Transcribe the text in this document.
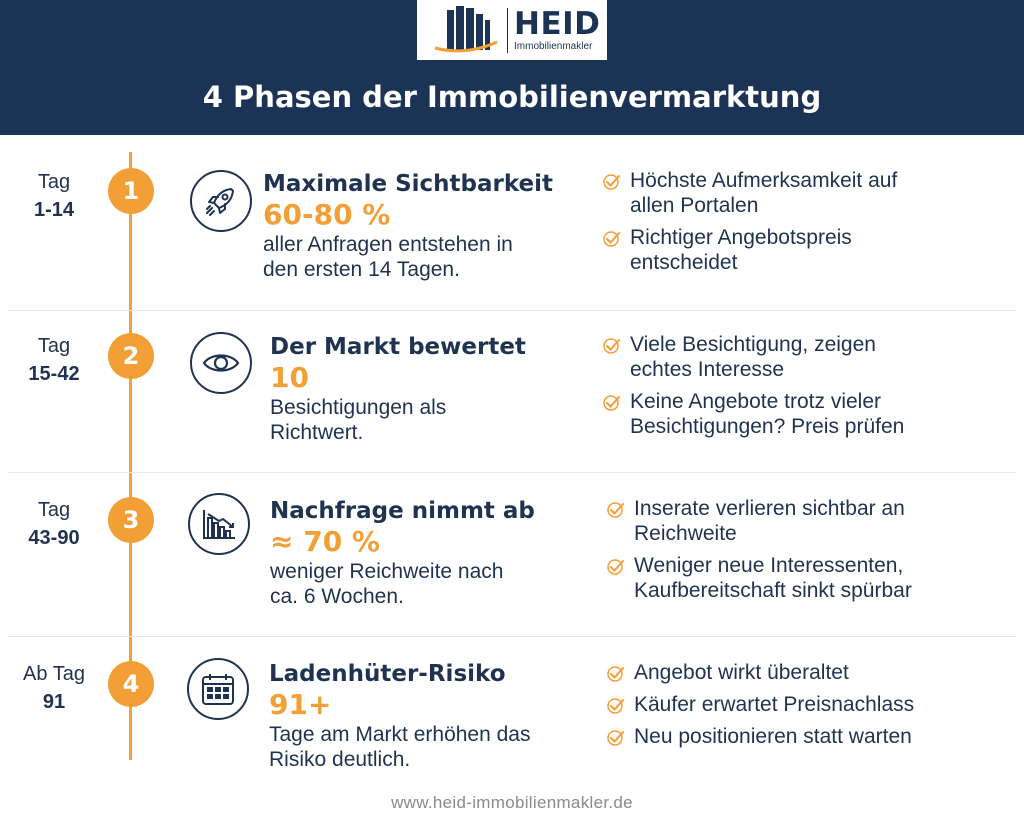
HEID
Immobilienmakler
4 Phasen der Immobilienvermarktung
Tag
1-14
1	Maximale Sichtbarkeit
60-80 %
aller Anfragen entstehen in den ersten 14 Tagen.
Höchste Aufmerksamkeit auf allen Portalen
Richtiger Angebotspreis entscheidet
Tag
15-42
2	Der Markt bewertet
10
Besichtigungen als Richtwert.
Viele Besichtigung, zeigen echtes Interesse
Keine Angebote trotz vieler Besichtigungen? Preis prüfen
Tag
43-90
3	Nachfrage nimmt ab
≈ 70 %
weniger Reichweite nach ca. 6 Wochen.
Inserate verlieren sichtbar an Reichweite
Weniger neue Interessenten, Kaufbereitschaft sinkt spürbar
Ab Tag
91
4	Ladenhüter-Risiko
91+
Tage am Markt erhöhen das Risiko deutlich.
Angebot wirkt überaltet
Käufer erwartet Preisnachlass
Neu positionieren statt warten
www.heid-immobilienmakler.de
